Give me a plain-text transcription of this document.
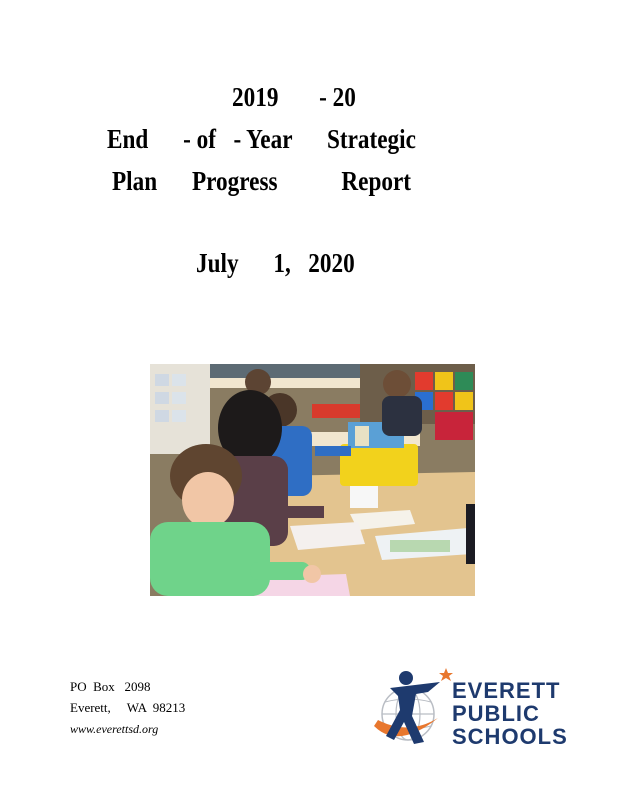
2019       - 20
End      - of   - Year      Strategic
Plan      Progress           Report
July      1,   2020
PO  Box   2098
Everett,     WA  98213
www.everettsd.org
EVERETT
PUBLIC
SCHOOLS
